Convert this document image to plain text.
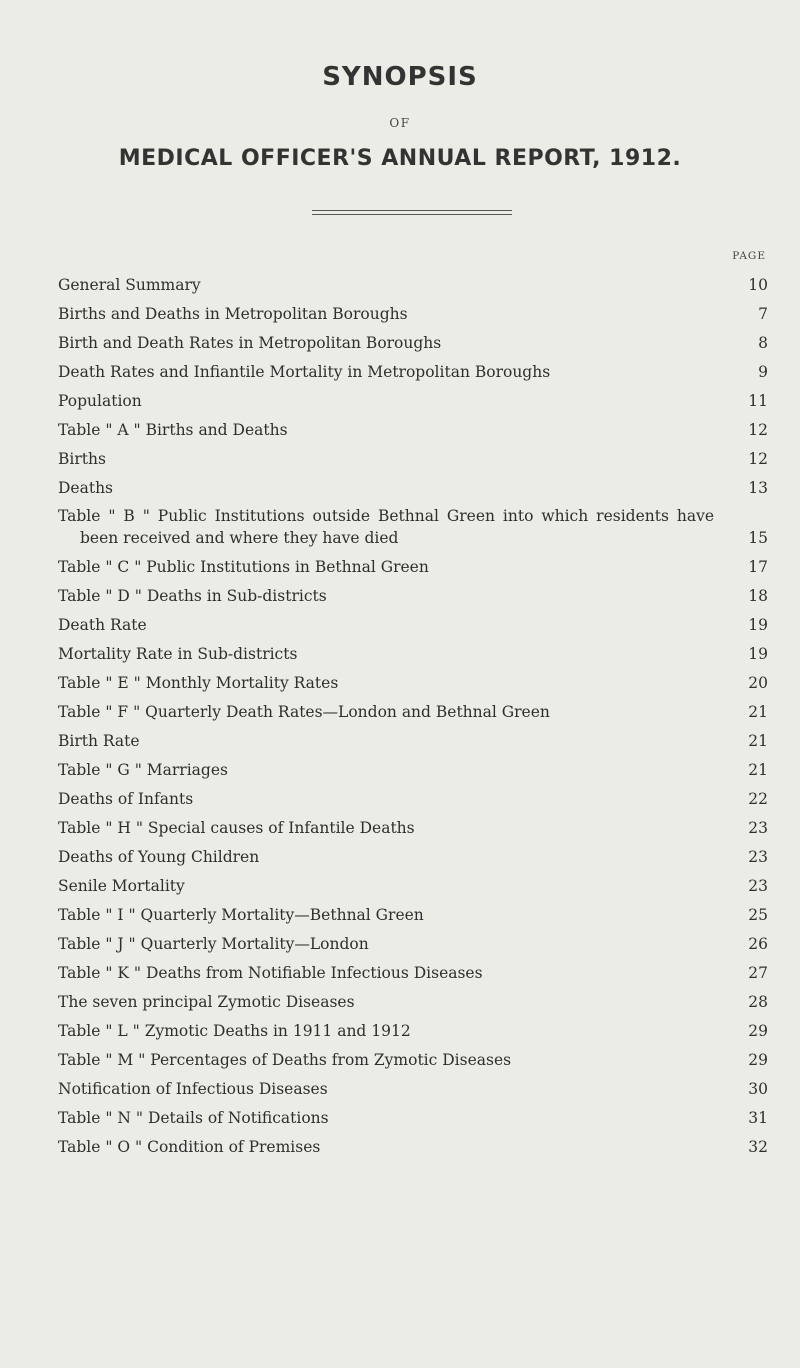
SYNOPSIS
OF
MEDICAL OFFICER'S ANNUAL REPORT, 1912.
PAGE
General Summary	10
Births and Deaths in Metropolitan Boroughs	7
Birth and Death Rates in Metropolitan Boroughs	8
Death Rates and Infiantile Mortality in Metropolitan Boroughs	9
Population	11
Table " A " Births and Deaths	12
Births	12
Deaths	13
Table " B " Public Institutions outside Bethnal Green into which residents have been received and where they have died	15
Table " C " Public Institutions in Bethnal Green	17
Table " D " Deaths in Sub-districts	18
Death Rate	19
Mortality Rate in Sub-districts	19
Table " E " Monthly Mortality Rates	20
Table " F " Quarterly Death Rates—London and Bethnal Green	21
Birth Rate	21
Table " G " Marriages	21
Deaths of Infants	22
Table " H " Special causes of Infantile Deaths	23
Deaths of Young Children	23
Senile Mortality	23
Table " I " Quarterly Mortality—Bethnal Green	25
Table " J " Quarterly Mortality—London	26
Table " K " Deaths from Notifiable Infectious Diseases	27
The seven principal Zymotic Diseases	28
Table " L " Zymotic Deaths in 1911 and 1912	29
Table " M " Percentages of Deaths from Zymotic Diseases	29
Notification of Infectious Diseases	30
Table " N " Details of Notifications	31
Table " O " Condition of Premises	32
